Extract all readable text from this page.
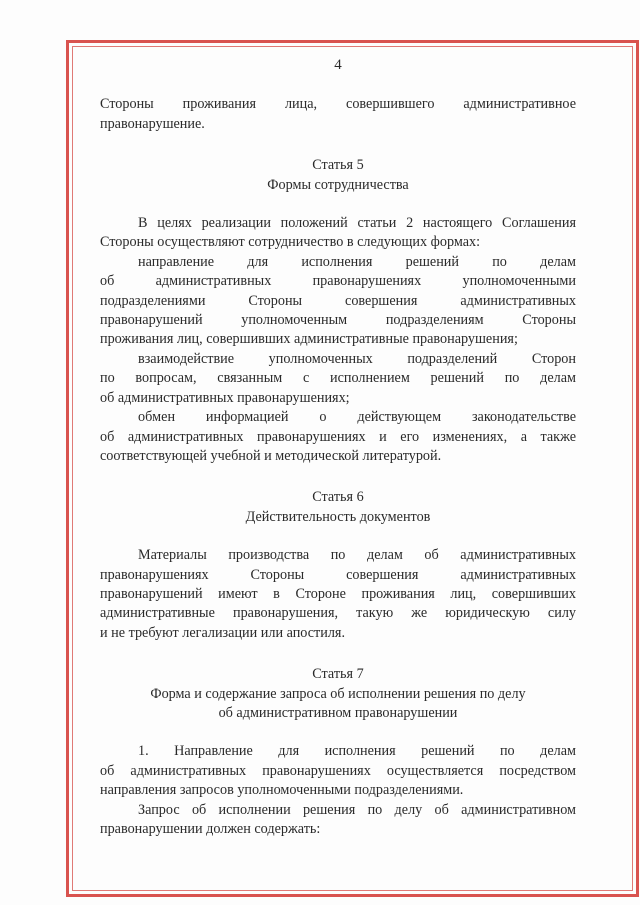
4

Стороны проживания лица, совершившего административное

правонарушение.

Статья 5

Формы сотрудничества

В целях реализации положений статьи 2 настоящего Соглашения

Стороны осуществляют сотрудничество в следующих формах:

направление для исполнения решений по делам

об административных правонарушениях уполномоченными

подразделениями Стороны совершения административных

правонарушений уполномоченным подразделениям Стороны

проживания лиц, совершивших административные правонарушения;

взаимодействие уполномоченных подразделений Сторон

по вопросам, связанным с исполнением решений по делам

об административных правонарушениях;

обмен информацией о действующем законодательстве

об административных правонарушениях и его изменениях, а также

соответствующей учебной и методической литературой.

Статья 6

Действительность документов

Материалы производства по делам об административных

правонарушениях Стороны совершения административных

правонарушений имеют в Стороне проживания лиц, совершивших

административные правонарушения, такую же юридическую силу

и не требуют легализации или апостиля.

Статья 7

Форма и содержание запроса об исполнении решения по делу

об административном правонарушении

1. Направление для исполнения решений по делам

об административных правонарушениях осуществляется посредством

направления запросов уполномоченными подразделениями.

Запрос об исполнении решения по делу об административном

правонарушении должен содержать:
